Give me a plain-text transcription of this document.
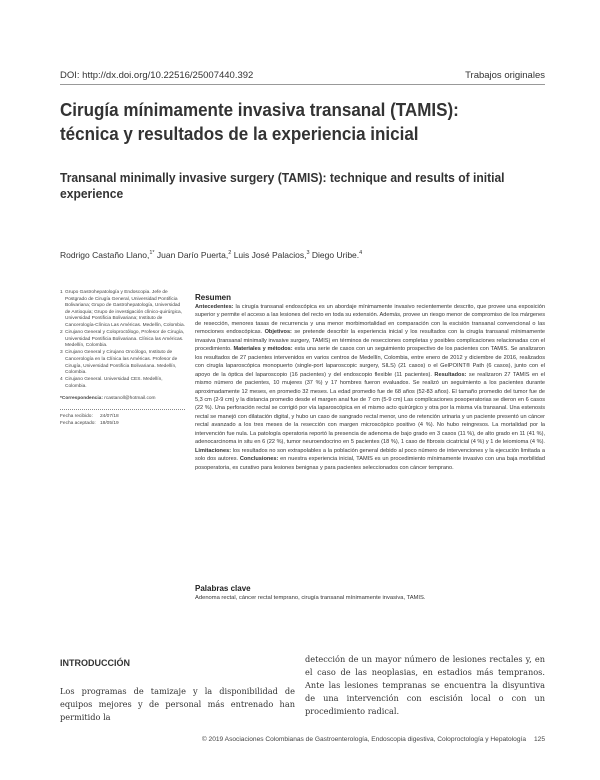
DOI: http://dx.doi.org/10.22516/25007440.392	Trabajos originales
Cirugía mínimamente invasiva transanal (TAMIS): técnica y resultados de la experiencia inicial
Transanal minimally invasive surgery (TAMIS): technique and results of initial experience
Rodrigo Castaño Llano,$^{1*}$ Juan Darío Puerta,$^2$ Luis José Palacios,$^3$ Diego Uribe.$^4$
1 Grupo Gastrohepatología y Endoscopia. Jefe de Postgrado de Cirugía General, Universidad Pontificia Bolivariana; Grupo de Gastrohepatología, Universidad de Antioquia; Grupo de investigación clínico-quirúrgica, Universidad Pontificia Bolivariana; Instituto de Cancerología-Clínica Las Américas. Medellín, Colombia.
2 Cirujano General y Coloproctólogo, Profesor de Cirugía, Universidad Pontificia Bolivariana. Clínica las Américas. Medellín, Colombia.
3 Cirujano General y Cirujano Oncólogo, Instituto de Cancerología en la Clínica las Américas. Profesor de Cirugía, Universidad Pontificia Bolivariana. Medellín, Colombia.
4 Cirujano General. Universidad CES. Medellín, Colombia.
*Correspondencia: rcastanoll@hotmail.com
Fecha recibido:	24/07/18
Fecha aceptado: 18/05/19
Resumen
Antecedentes: la cirugía transanal endoscópica es un abordaje mínimamente invasivo recientemente descrito, que provee una exposición superior y permite el acceso a las lesiones del recto en toda su extensión. Además, provee un riesgo menor de compromiso de los márgenes de resección, menores tasas de recurrencia y una menor morbimortalidad en comparación con la escisión transanal convencional o las remociones endoscópicas. Objetivos: se pretende describir la experiencia inicial y los resultados con la cirugía transanal mínimamente invasiva (transanal minimally invasive surgery, TAMIS) en términos de resecciones completas y posibles complicaciones relacionadas con el procedimiento. Materiales y métodos: esta una serie de casos con un seguimiento prospectivo de los pacientes con TAMIS. Se analizaron los resultados de 27 pacientes intervenidos en varios centros de Medellín, Colombia, entre enero de 2012 y diciembre de 2016, realizados con cirugía laparoscópica monopuerto (single-port laparoscopic surgery, SILS) (21 casos) o el GelPOINT® Path (6 casos), junto con el apoyo de la óptica del laparoscopio (16 pacientes) y del endoscopio flexible (11 pacientes). Resultados: se realizaron 27 TAMIS en el mismo número de pacientes, 10 mujeres (37 %) y 17 hombres fueron evaluados. Se realizó un seguimiento a los pacientes durante aproximadamente 12 meses, en promedio 32 meses. La edad promedio fue de 68 años (52-83 años). El tamaño promedio del tumor fue de 5,3 cm (2-9 cm) y la distancia promedio desde el margen anal fue de 7 cm (5-9 cm) Las complicaciones posoperatorias se dieron en 6 casos (22 %). Una perforación rectal se corrigió por vía laparoscópica en el mismo acto quirúrgico y otra por la misma vía transanal. Una estenosis rectal se manejó con dilatación digital, y hubo un caso de sangrado rectal menor, uno de retención urinaria y un paciente presentó un cáncer rectal avanzado a los tres meses de la resección con margen microscópico positivo (4 %). No hubo reingresos. La mortalidad por la intervención fue nula. La patología operatoria reportó la presencia de adenoma de bajo grado en 3 casos (11 %), de alto grado en 11 (41 %), adenocarcinoma in situ en 6 (22 %), tumor neuroendocrino en 5 pacientes (18 %), 1 caso de fibrosis cicatricial (4 %) y 1 de leiomioma (4 %). Limitaciones: los resultados no son extrapolables a la población general debido al poco número de intervenciones y la ejecución limitada a solo dos autores. Conclusiones: en nuestra experiencia inicial, TAMIS es un procedimiento mínimamente invasivo con una baja morbilidad posoperatoria, es curativo para lesiones benignas y para pacientes seleccionados con cáncer temprano.
Palabras clave
Adenoma rectal, cáncer rectal temprano, cirugía transanal mínimamente invasiva, TAMIS.
INTRODUCCIÓN

Los programas de tamizaje y la disponibilidad de equipos mejores y de personal más entrenado han permitido la

detección de un mayor número de lesiones rectales y, en el caso de las neoplasias, en estadios más tempranos. Ante las lesiones tempranas se encuentra la disyuntiva de una intervención con escisión local o con un procedimiento radical.

© 2019 Asociaciones Colombianas de Gastroenterología, Endoscopia digestiva, Coloproctología y Hepatología 125
